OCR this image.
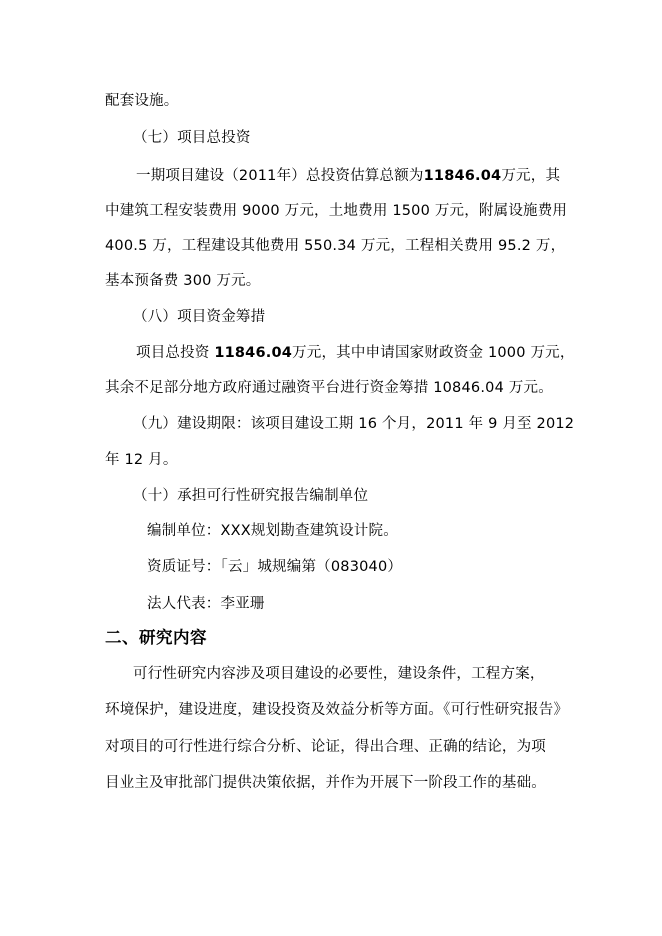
配套设施。
（七）项目总投资
一期项目建设（2011年）总投资估算总额为11846.04万元，其
中建筑工程安装费用 9000 万元，土地费用 1500 万元，附属设施费用
400.5 万，工程建设其他费用 550.34 万元，工程相关费用 95.2 万，
基本预备费 300 万元。
（八）项目资金筹措
项目总投资 11846.04万元，其中申请国家财政资金 1000 万元，
其余不足部分地方政府通过融资平台进行资金筹措 10846.04 万元。
（九）建设期限：该项目建设工期 16 个月，2011 年 9 月至 2012
年 12 月。
（十）承担可行性研究报告编制单位
编制单位：XXX规划勘查建筑设计院。
资质证号：「云」城规编第（083040）
法人代表：李亚珊
二、研究内容
可行性研究内容涉及项目建设的必要性，建设条件，工程方案，
环境保护，建设进度，建设投资及效益分析等方面。《可行性研究报告》
对项目的可行性进行综合分析、论证，得出合理、正确的结论，为项
目业主及审批部门提供决策依据，并作为开展下一阶段工作的基础。
